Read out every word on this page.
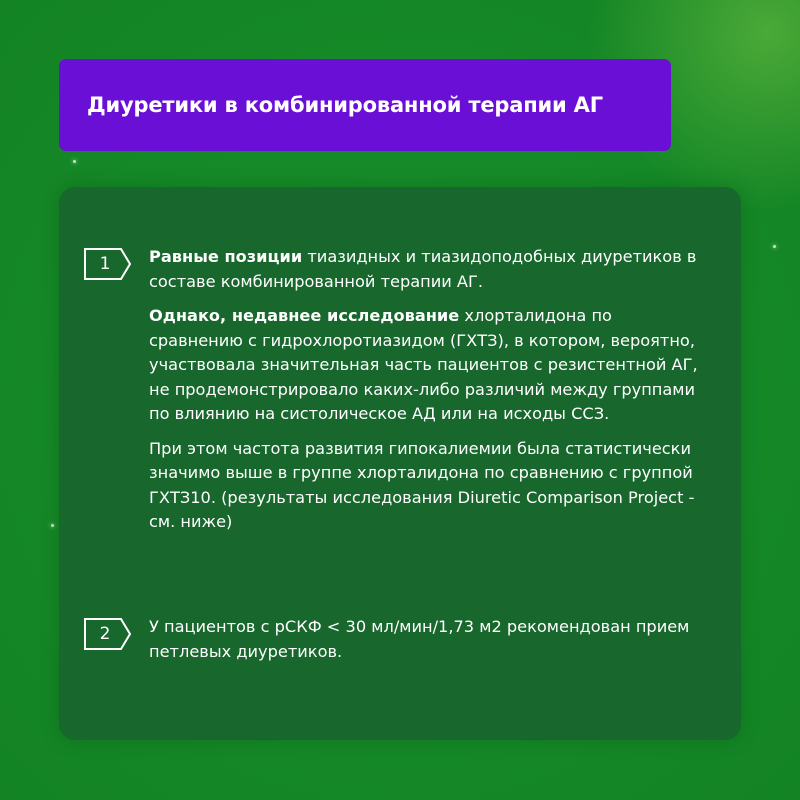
Диуретики в комбинированной терапии АГ
1	Равные позиции тиазидных и тиазидоподобных диуретиков в составе комбинированной терапии АГ.

Однако, недавнее исследование хлорталидона по сравнению с гидрохлоротиазидом (ГХТЗ), в котором, вероятно, участвовала значительная часть пациентов с резистентной АГ, не продемонстрировало каких-либо различий между группами по влиянию на систолическое АД или на исходы ССЗ.

При этом частота развития гипокалиемии была статистически значимо выше в группе хлорталидона по сравнению с группой ГХТЗ10. (результаты исследования Diuretic Comparison Project - см. ниже)

2	У пациентов с рСКФ < 30 мл/мин/1,73 м2 рекомендован прием петлевых диуретиков.
